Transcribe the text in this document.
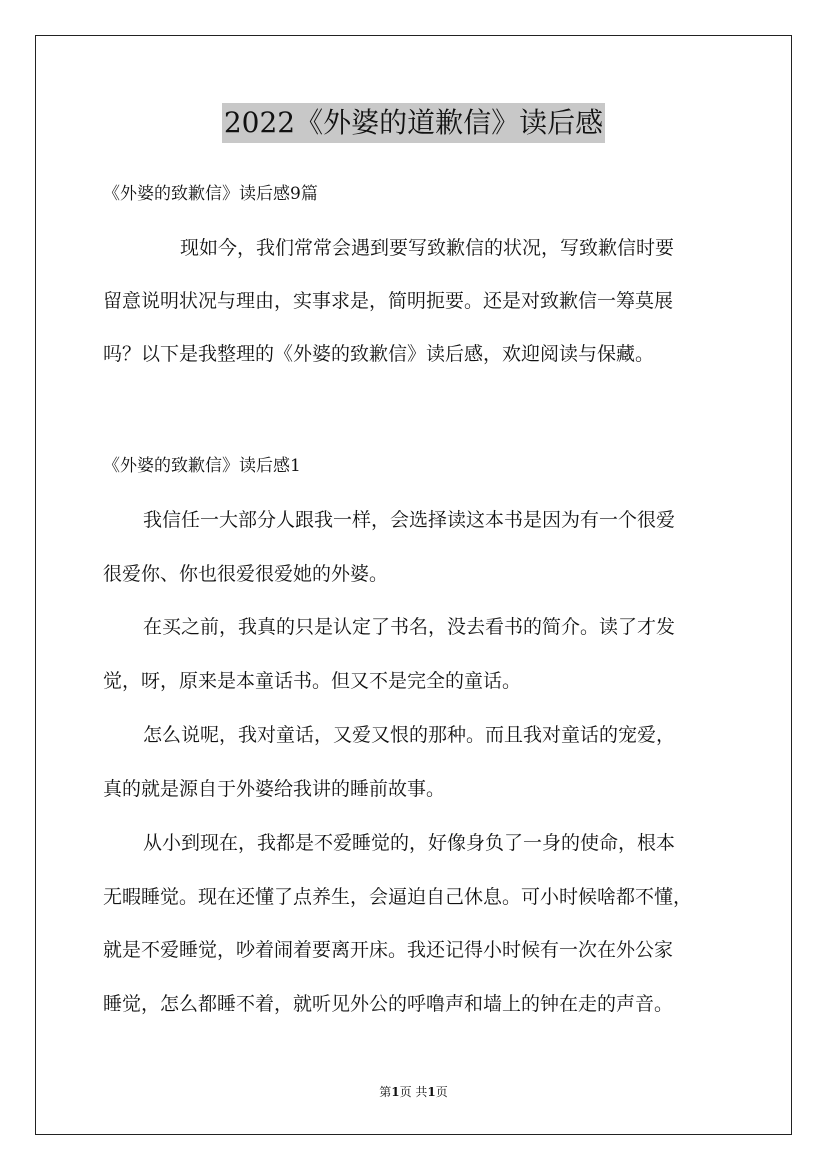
2022《外婆的道歉信》读后感

《外婆的致歉信》读后感9篇

现如今，我们常常会遇到要写致歉信的状况，写致歉信时要

留意说明状况与理由，实事求是，简明扼要。还是对致歉信一筹莫展

吗？以下是我整理的《外婆的致歉信》读后感，欢迎阅读与保藏。

《外婆的致歉信》读后感1

我信任一大部分人跟我一样，会选择读这本书是因为有一个很爱

很爱你、你也很爱很爱她的外婆。

在买之前，我真的只是认定了书名，没去看书的简介。读了才发

觉，呀，原来是本童话书。但又不是完全的童话。

怎么说呢，我对童话，又爱又恨的那种。而且我对童话的宠爱，

真的就是源自于外婆给我讲的睡前故事。

从小到现在，我都是不爱睡觉的，好像身负了一身的使命，根本

无暇睡觉。现在还懂了点养生，会逼迫自己休息。可小时候啥都不懂，

就是不爱睡觉，吵着闹着要离开床。我还记得小时候有一次在外公家

睡觉，怎么都睡不着，就听见外公的呼噜声和墙上的钟在走的声音。

第1页 共1页
